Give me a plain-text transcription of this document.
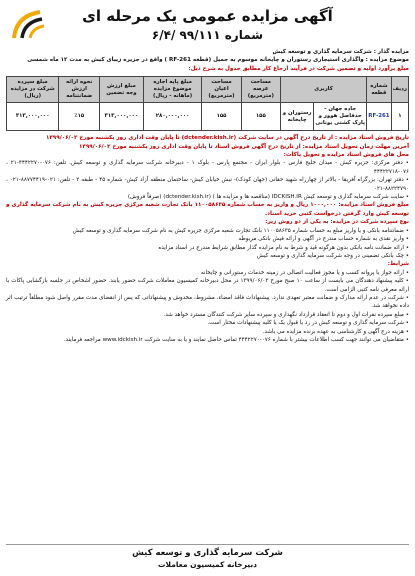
آگهی مزایده عمومی یک مرحله ای
شماره ۹۹/۱۱۱ /۶/۴
مزایده گذار : شرکت سرمایه گذاری و توسعه کیش
موضوع مزایده : واگذاری استیجاری رستوران و چایخانه موسوم به جمیل (قطعه RF-261 ) واقع در جزیره زیبای کیش به مدت ۱۲ ماه شمسی
مبلغ برآورد اولیه و تضمین شرکت در فرآیند ارجاع کار مطابق جدول به شرح ذیل:
ردیف	شماره قطعه	کاربری		مساحت عرصه (مترمربع)	مساحت اعیان (مترمربع)	مبلغ پایه اجاره موضوع مزایده (ماهانه - ریال)	مبلغ ارزش وجه تضمین	نحوه ارائه ارزش ضمانتنامه	مبلغ سپرده شرکت در مزایده (ریال)
۱	RF-261	جاده جهان - حدفاصل هوور و پارک کشتی یونانی	رستوران و چایخانه	۱۵۵	۱۵۵	۲۸۰,۰۰۰,۰۰۰	۳۱۳,۰۰۰,۰۰۰	٪۱۵	۳۱۳,۰۰۰,۰۰۰
تاریخ فروش اسناد مزایده : از تاریخ درج آگهی در سایت شرکت (dctender.kish.ir) تا پایان وقت اداری روز یکشنبه مورخ ۱۳۹۹/۰۶/۰۲
آخرین مهلت زمان تحویل اسناد مزایده: از تاریخ درج آگهی فروش اسناد تا پایان وقت اداری روز یکشنبه مورخ ۱۳۹۹/۰۶/۰۲
محل های فروش اسناد مزایده و تحویل پاکات:
• دفتر مرکزی: جزیره کیش - میدان خلیج فارس - بلوار ایران - مجتمع پارس - بلوک ۱ - دبیرخانه شرکت سرمایه گذاری و توسعه کیش. تلفن: ۰۷۶-۴۴۴۲۲۷۰-۲۱ ، ۰۷۶-۴۴۴۲۲۷۱۸
• دفتر تهران: بزرگراه آفریقا - بالاتر از چهارراه شهید حقانی (جهان کودک)- نبش خیابان کیش- ساختمان منطقه آزاد کیش- شماره ۴۵ - طبقه ۲ - تلفن: ۰۲۱-۸۸۷۷۴۴۱۹-۰۲۱ ، ۸۸۲۲۴۷۹۰-۰۲۱
• سایت شرکت سرمایه گذاری و توسعه کیش IDCKISH.IR (مناقصه ها و مزایده ها ) (dctender.kish.ir) (صرفاً فروش)
مبلغ فروش اسناد مزایده: ۱۰۰۰,۰۰۰ ریال و واریز به حساب شماره ۱۱۰۰۵۸۶۳۵ بانک تجارت شعبه مرکزی جزیره کیش به نام شرکت سرمایه گذاری و توسعه کیش وارد گرفتن درخواست کتبی خرید اسناد.
نوع سپرده شرکت در مزایده: به یکی از دو روش زیر:
• ضمانتنامه بانکی و یا واریز مبلغ به حساب شماره ۱۱۰۰۵۸۶۳۵ بانک تجارت شعبه مرکزی جزیره کیش به نام شرکت سرمایه گذاری و توسعه کیش
• واریز نقدی به شماره حساب مندرج در آگهی و ارائه فیش بانکی مربوطه
• ارائه ضمانت نامه بانکی بدون هرگونه قید و شرط به نام مزایده گذار مطابق شرایط مندرج در اسناد مزایده
• چک بانکی تضمینی در وجه شرکت سرمایه گذاری و توسعه کیش
شرایط:
• ارائه جواز یا پروانه کسب و یا مجوز فعالیت اتصالی در زمینه خدمات رستورانی و چایخانه
• کلیه پیشنهاد دهندگان می بایست از ساعت ۱۰ صبح مورخ ۱۳۹۹/۰۶/۰۳ در محل دبیرخانه کمیسیون معاملات شرکت حضور یابند. حضور اشخاص در جلسه بازگشایی پاکات با ارائه معرفی نامه کتبی الزامی است.
• شرکت در عدم ارائه مدارک و ضمانت معتبر تعهدی ندارد. پیشنهادات فاقد امضاء، مشروط، مخدوش و پیشنهاداتی که پس از انقضای مدت مقرر واصل شود مطلقاً ترتیب اثر داده نخواهد شد.
• مبلغ سپرده نفرات اول و دوم تا انعقاد قرارداد نگهداری و سپرده سایر شرکت کنندگان مسترد خواهد شد.
• شرکت سرمایه گذاری و توسعه کیش در رد یا قبول یک یا کلیه پیشنهادات مختار است.
• هزینه درج آگهی و کارشناسی به عهده برنده مزایده می باشد.
• متقاضیان می توانند جهت کسب اطلاعات بیشتر با شماره ۰۷۶-۴۴۴۲۲۷۰ تماس حاصل نمایند و یا به سایت شرکت www.idckish.ir مراجعه فرمایند.
شرکت سرمایه گذاری و توسعه کیش
دبیرخانه کمیسیون معاملات
